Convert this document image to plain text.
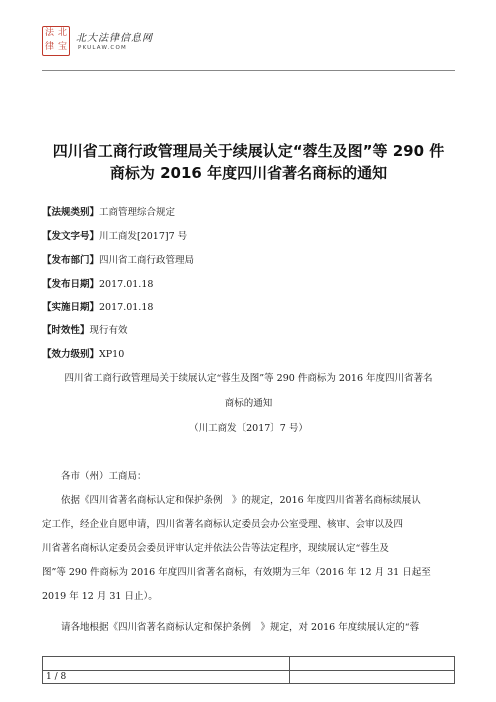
法 北
律 宝
北大法律信息网
PKULAW.COM
四川省工商行政管理局关于续展认定“蓉生及图”等 290 件
商标为 2016 年度四川省著名商标的通知
【法规类别】工商管理综合规定
【发文字号】川工商发[2017]7 号
【发布部门】四川省工商行政管理局
【发布日期】2017.01.18
【实施日期】2017.01.18
【时效性】现行有效
【效力级别】XP10
四川省工商行政管理局关于续展认定“蓉生及图”等 290 件商标为 2016 年度四川省著名
商标的通知
（川工商发〔2017〕7 号）
各市（州）工商局：
依据《四川省著名商标认定和保护条例　》的规定，2016 年度四川省著名商标续展认
定工作，经企业自愿申请，四川省著名商标认定委员会办公室受理、核审、会审以及四
川省著名商标认定委员会委员评审认定并依法公告等法定程序，现续展认定“蓉生及
图”等 290 件商标为 2016 年度四川省著名商标，有效期为三年（2016 年 12 月 31 日起至
2019 年 12 月 31 日止）。
请各地根据《四川省著名商标认定和保护条例　》规定，对 2016 年度续展认定的“蓉
1 / 8
